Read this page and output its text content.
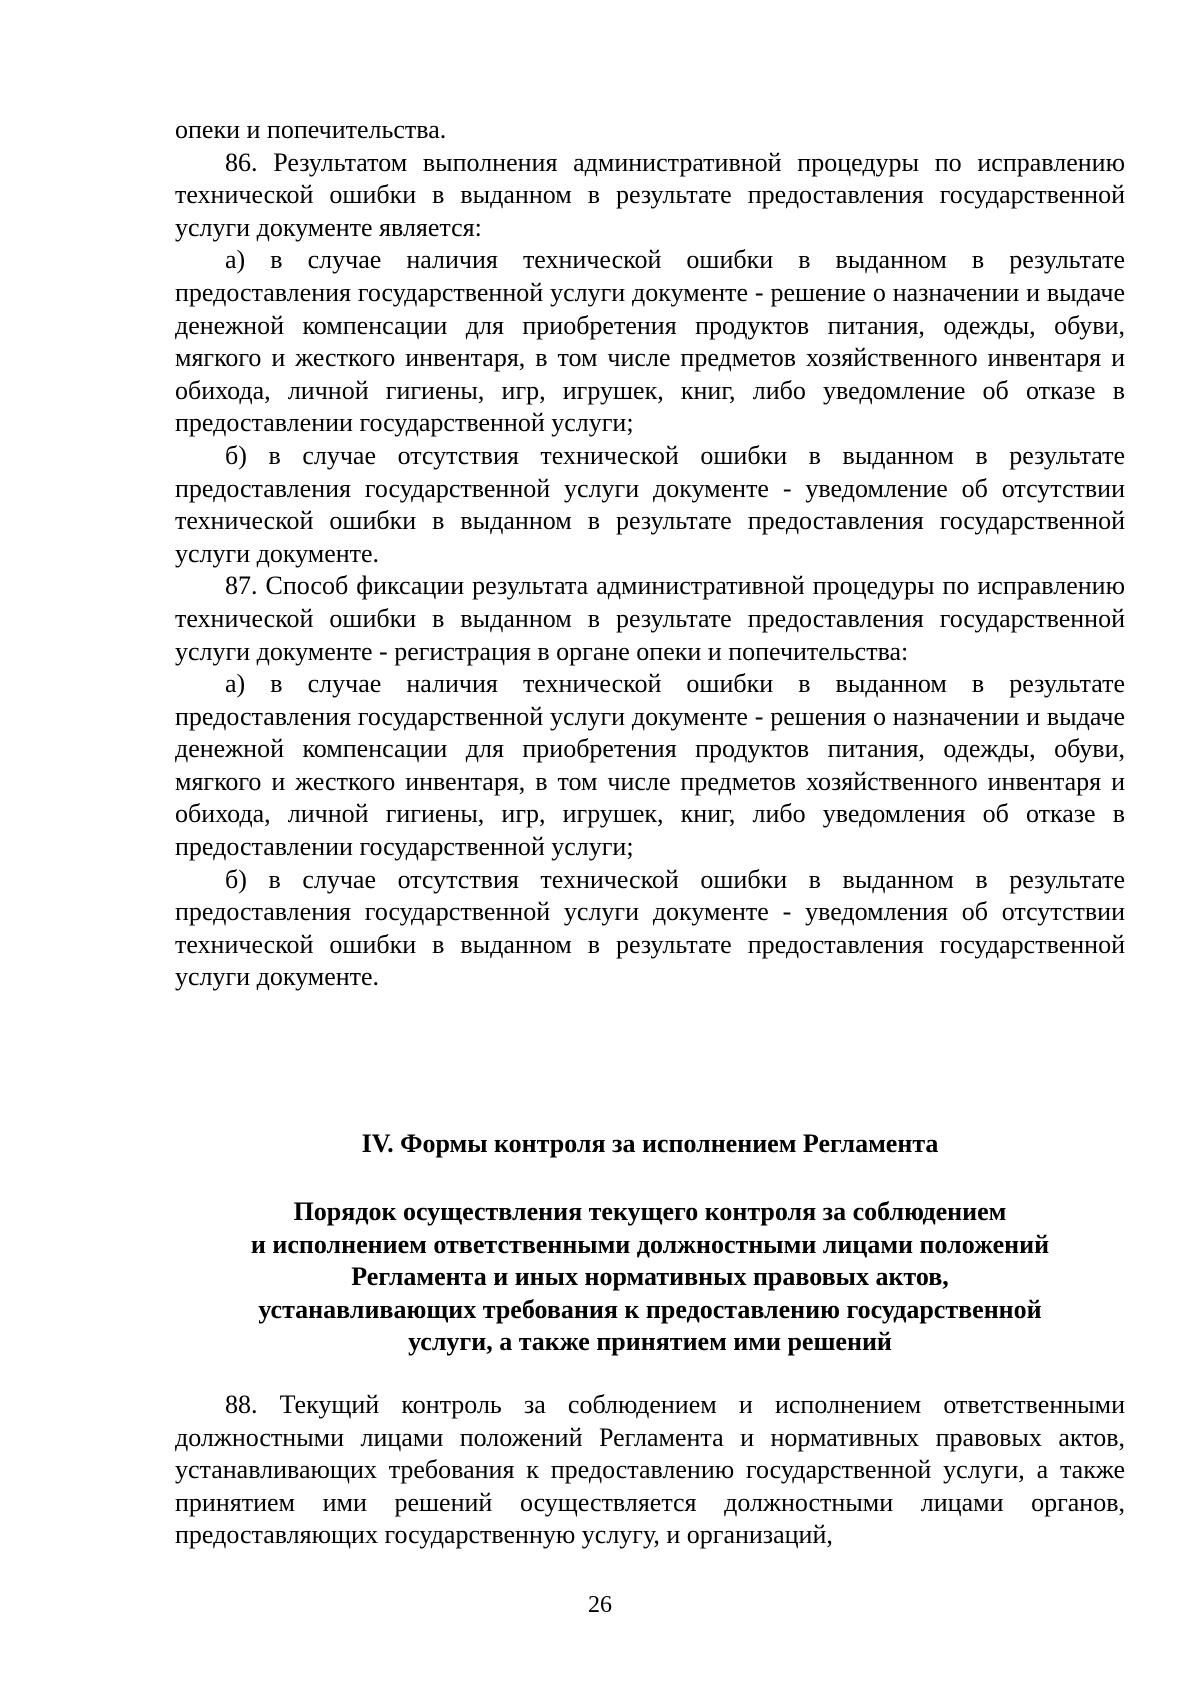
опеки и попечительства.

86. Результатом выполнения административной процедуры по исправлению технической ошибки в выданном в результате предоставления государственной услуги документе является:

а) в случае наличия технической ошибки в выданном в результате предоставления государственной услуги документе - решение о назначении и выдаче денежной компенсации для приобретения продуктов питания, одежды, обуви, мягкого и жесткого инвентаря, в том числе предметов хозяйственного инвентаря и обихода, личной гигиены, игр, игрушек, книг, либо уведомление об отказе в предоставлении государственной услуги;

б) в случае отсутствия технической ошибки в выданном в результате предоставления государственной услуги документе - уведомление об отсутствии технической ошибки в выданном в результате предоставления государственной услуги документе.

87. Способ фиксации результата административной процедуры по исправлению технической ошибки в выданном в результате предоставления государственной услуги документе - регистрация в органе опеки и попечительства:

а) в случае наличия технической ошибки в выданном в результате предоставления государственной услуги документе - решения о назначении и выдаче денежной компенсации для приобретения продуктов питания, одежды, обуви, мягкого и жесткого инвентаря, в том числе предметов хозяйственного инвентаря и обихода, личной гигиены, игр, игрушек, книг, либо уведомления об отказе в предоставлении государственной услуги;

б) в случае отсутствия технической ошибки в выданном в результате предоставления государственной услуги документе - уведомления об отсутствии технической ошибки в выданном в результате предоставления государственной услуги документе.

IV. Формы контроля за исполнением Регламента
Порядок осуществления текущего контроля за соблюдением
и исполнением ответственными должностными лицами положений
Регламента и иных нормативных правовых актов,
устанавливающих требования к предоставлению государственной
услуги, а также принятием ими решений

88. Текущий контроль за соблюдением и исполнением ответственными должностными лицами положений Регламента и нормативных правовых актов, устанавливающих требования к предоставлению государственной услуги, а также принятием ими решений осуществляется должностными лицами органов, предоставляющих государственную услугу, и организаций,

26
